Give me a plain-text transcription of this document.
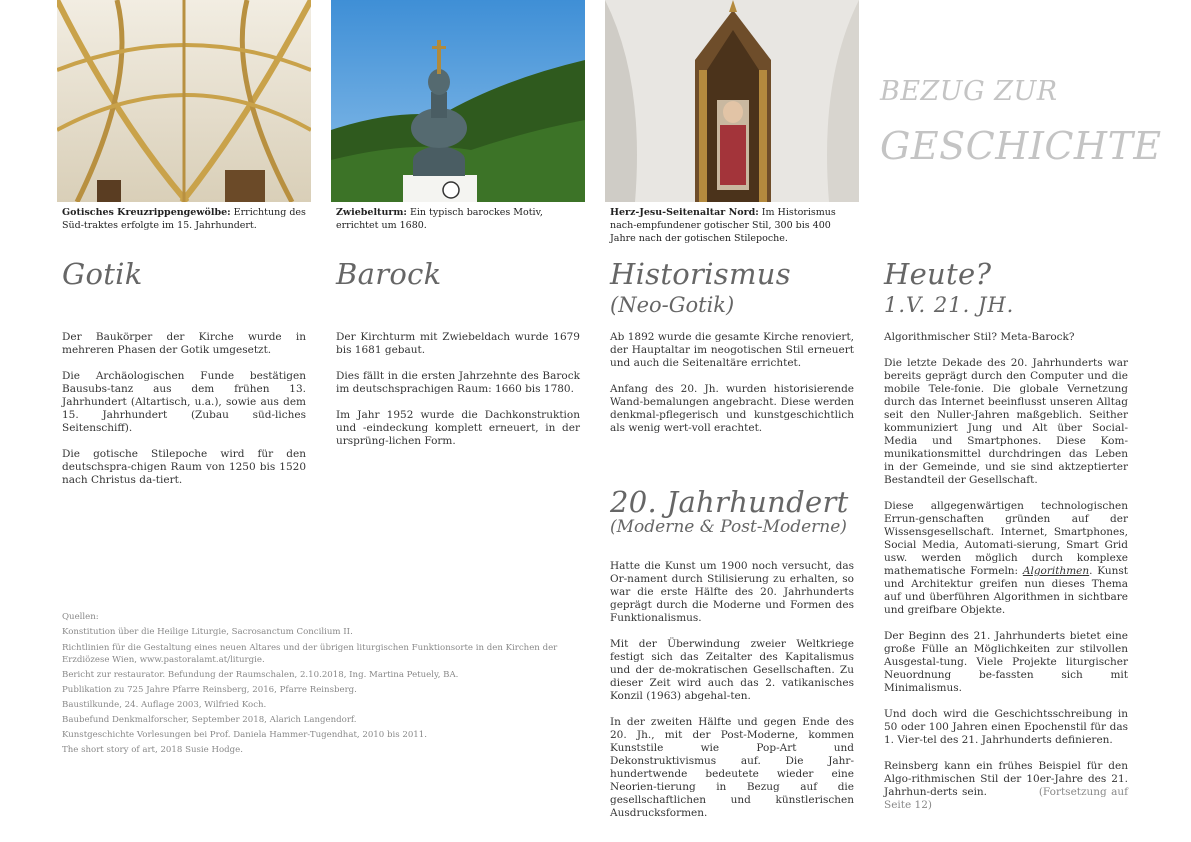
Gotisches Kreuzrippengewölbe: Errichtung des Süd-traktes erfolgte im 15. Jahrhundert.
Zwiebelturm: Ein typisch barockes Motiv, errichtet um 1680.
Herz-Jesu-Seitenaltar Nord: Im Historismus nach-empfundener gotischer Stil, 300 bis 400 Jahre nach der gotischen Stilepoche.
BEZUG ZUR
GESCHICHTE
Gotik

Der Baukörper der Kirche wurde in mehreren Phasen der Gotik umgesetzt.

Die Archäologischen Funde bestätigen Bausubs-tanz aus dem frühen 13. Jahrhundert (Altartisch, u.a.), sowie aus dem 15. Jahrhundert (Zubau süd-liches Seitenschiff).

Die gotische Stilepoche wird für den deutschspra-chigen Raum von 1250 bis 1520 nach Christus da-tiert.

Barock

Der Kirchturm mit Zwiebeldach wurde 1679 bis 1681 gebaut.

Dies fällt in die ersten Jahrzehnte des Barock im deutschsprachigen Raum: 1660 bis 1780.

Im Jahr 1952 wurde die Dachkonstruktion und -eindeckung komplett erneuert, in der ursprüng-lichen Form.

Historismus
(Neo-Gotik)

Ab 1892 wurde die gesamte Kirche renoviert, der Hauptaltar im neogotischen Stil erneuert und auch die Seitenaltäre errichtet.

Anfang des 20. Jh. wurden historisierende Wand-bemalungen angebracht. Diese werden denkmal-pflegerisch und kunstgeschichtlich als wenig wert-voll erachtet.

20. Jahrhundert
(Moderne & Post-Moderne)

Hatte die Kunst um 1900 noch versucht, das Or-nament durch Stilisierung zu erhalten, so war die erste Hälfte des 20. Jahrhunderts geprägt durch die Moderne und Formen des Funktionalismus.

Mit der Überwindung zweier Weltkriege festigt sich das Zeitalter des Kapitalismus und der de-mokratischen Gesellschaften. Zu dieser Zeit wird auch das 2. vatikanisches Konzil (1963) abgehal-ten.

In der zweiten Hälfte und gegen Ende des 20. Jh., mit der Post-Moderne, kommen Kunststile wie Pop-Art und Dekonstruktivismus auf. Die Jahr-hundertwende bedeutete wieder eine Neorien-tierung in Bezug auf die gesellschaftlichen und künstlerischen Ausdrucksformen.

Heute?
1.V. 21. JH.

Algorithmischer Stil? Meta-Barock?

Die letzte Dekade des 20. Jahrhunderts war bereits geprägt durch den Computer und die mobile Tele-fonie. Die globale Vernetzung durch das Internet beeinflusst unseren Alltag seit den Nuller-Jahren maßgeblich. Seither kommuniziert Jung und Alt über Social-Media und Smartphones. Diese Kom-munikationsmittel durchdringen das Leben in der Gemeinde, und sie sind aktzeptierter Bestandteil der Gesellschaft.

Diese allgegenwärtigen technologischen Errun-genschaften gründen auf der Wissensgesellschaft. Internet, Smartphones, Social Media, Automati-sierung, Smart Grid usw. werden möglich durch komplexe mathematische Formeln: Algorithmen. Kunst und Architektur greifen nun dieses Thema auf und überführen Algorithmen in sichtbare und greifbare Objekte.

Der Beginn des 21. Jahrhunderts bietet eine große Fülle an Möglichkeiten zur stilvollen Ausgestal-tung. Viele Projekte liturgischer Neuordnung be-fassten sich mit Minimalismus.

Und doch wird die Geschichtsschreibung in 50 oder 100 Jahren einen Epochenstil für das 1. Vier-tel des 21. Jahrhunderts definieren.

Reinsberg kann ein frühes Beispiel für den Algo-rithmischen Stil der 10er-Jahre des 21. Jahrhun-derts sein.	(Fortsetzung auf Seite 12)

Quellen:
Konstitution über die Heilige Liturgie, Sacrosanctum Concilium II.
Richtlinien für die Gestaltung eines neuen Altares und der übrigen liturgischen Funktionsorte in den Kirchen der Erzdiözese Wien, www.pastoralamt.at/liturgie.
Bericht zur restaurator. Befundung der Raumschalen, 2.10.2018, Ing. Martina Petuely, BA.
Publikation zu 725 Jahre Pfarre Reinsberg, 2016, Pfarre Reinsberg.
Baustilkunde, 24. Auflage 2003, Wilfried Koch.
Baubefund Denkmalforscher, September 2018, Alarich Langendorf.
Kunstgeschichte Vorlesungen bei Prof. Daniela Hammer-Tugendhat, 2010 bis 2011.
The short story of art, 2018 Susie Hodge.
